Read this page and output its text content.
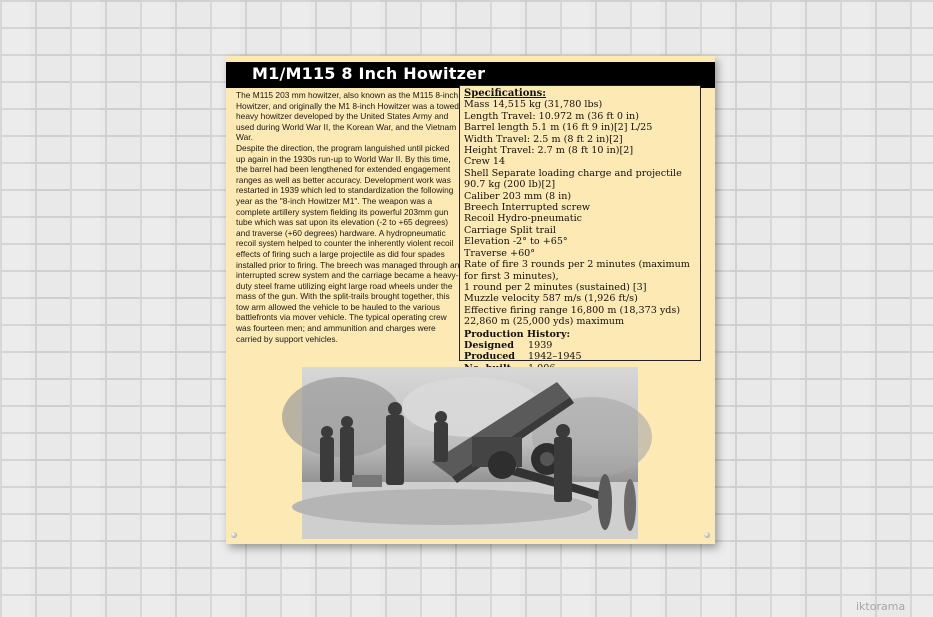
M1/M115 8 Inch Howitzer

The M115 203 mm howitzer, also known as the M115 8-inch Howitzer, and originally the M1 8-inch Howitzer was a towed heavy howitzer developed by the United States Army and used during World War II, the Korean War, and the Vietnam War.

Despite the direction, the program languished until picked up again in the 1930s run-up to World War II. By this time, the barrel had been lengthened for extended engagement ranges as well as better accuracy. Development work was restarted in 1939 which led to standardization the following year as the "8-inch Howitzer M1". The weapon was a complete artillery system fielding its powerful 203mm gun tube which was sat upon its elevation (-2 to +65 degrees) and traverse (+60 degrees) hardware. A hydropneumatic recoil system helped to counter the inherently violent recoil effects of firing such a large projectile as did four spades installed prior to firing. The breech was managed through an interrupted screw system and the carriage became a heavy-duty steel frame utilizing eight large road wheels under the mass of the gun. With the split-trails brought together, this tow arm allowed the vehicle to be hauled to the various battlefronts via mover vehicle. The typical operating crew was fourteen men; and ammunition and charges were carried by support vehicles.

Specifications:
Mass 14,515 kg (31,780 lbs)
Length Travel: 10.972 m (36 ft 0 in)
Barrel length 5.1 m (16 ft 9 in)[2] L/25
Width Travel: 2.5 m (8 ft 2 in)[2]
Height Travel: 2.7 m (8 ft 10 in)[2]
Crew 14
Shell Separate loading charge and projectile 90.7 kg (200 lb)[2]
Caliber 203 mm (8 in)
Breech Interrupted screw
Recoil Hydro-pneumatic
Carriage Split trail
Elevation -2° to +65°
Traverse +60°
Rate of fire 3 rounds per 2 minutes (maximum for first 3 minutes),
1 round per 2 minutes (sustained) [3]
Muzzle velocity 587 m/s (1,926 ft/s)
Effective firing range 16,800 m (18,373 yds)
22,860 m (25,000 yds) maximum
Production History:
Designed	1939
Produced	1942–1945
iktorama
